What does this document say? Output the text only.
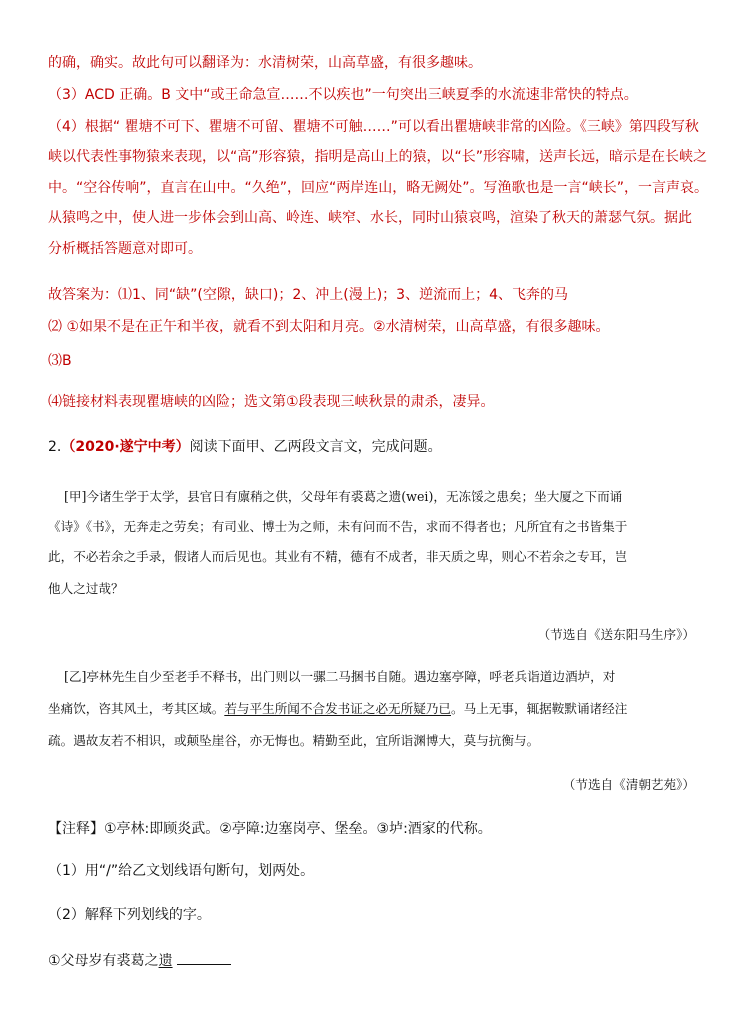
的确，确实。故此句可以翻译为：水清树荣，山高草盛，有很多趣味。
（3）ACD 正确。B 文中“或王命急宣……不以疾也”一句突出三峡夏季的水流速非常快的特点。
（4）根据“ 瞿塘不可下、瞿塘不可留、瞿塘不可触……”可以看出瞿塘峡非常的凶险。《三峡》第四段写秋
峡以代表性事物猿来表现，以“高”形容猿，指明是高山上的猿，以“长”形容啸，送声长远，暗示是在长峡之
中。“空谷传响”，直言在山中。“久绝”，回应“两岸连山，略无阙处”。写渔歌也是一言“峡长”，一言声哀。
从猿鸣之中，使人进一步体会到山高、岭连、峡窄、水长，同时山猿哀鸣，渲染了秋天的萧瑟气氛。据此
分析概括答题意对即可。
故答案为：⑴1、同“缺”(空隙，缺口)；2、冲上(漫上)；3、逆流而上；4、飞奔的马
⑵ ①如果不是在正午和半夜，就看不到太阳和月亮。②水清树荣，山高草盛，有很多趣味。
⑶B
⑷链接材料表现瞿塘峡的凶险；选文第①段表现三峡秋景的肃杀，凄异。
2.（2020·遂宁中考）阅读下面甲、乙两段文言文，完成问题。
[甲]今诸生学于太学，县官日有廪稍之供，父母年有裘葛之遗(wei)，无冻馁之患矣；坐大厦之下而诵
《诗》《书》，无奔走之劳矣；有司业、博士为之师，未有问而不告，求而不得者也；凡所宜有之书皆集于
此，不必若余之手录，假诸人而后见也。其业有不精，德有不成者，非天质之卑，则心不若余之专耳，岂
他人之过哉？
（节选自《送东阳马生序》）
[乙]亭林先生自少至老手不释书，出门则以一骡二马捆书自随。遇边塞亭障，呼老兵诣道边酒垆，对
坐痛饮，咨其风土，考其区域。若与平生所闻不合发书证之必无所疑乃已。马上无事，辄据鞍默诵诸经注
疏。遇故友若不相识，或颠坠崖谷，亦无悔也。精勤至此，宜所诣渊博大，莫与抗衡与。
（节选自《清朝艺苑》）
【注释】①亭林:即顾炎武。②亭障:边塞岗亭、堡垒。③垆:酒家的代称。
（1）用“/”给乙文划线语句断句，划两处。
（2）解释下列划线的字。
①父母岁有裘葛之遗
